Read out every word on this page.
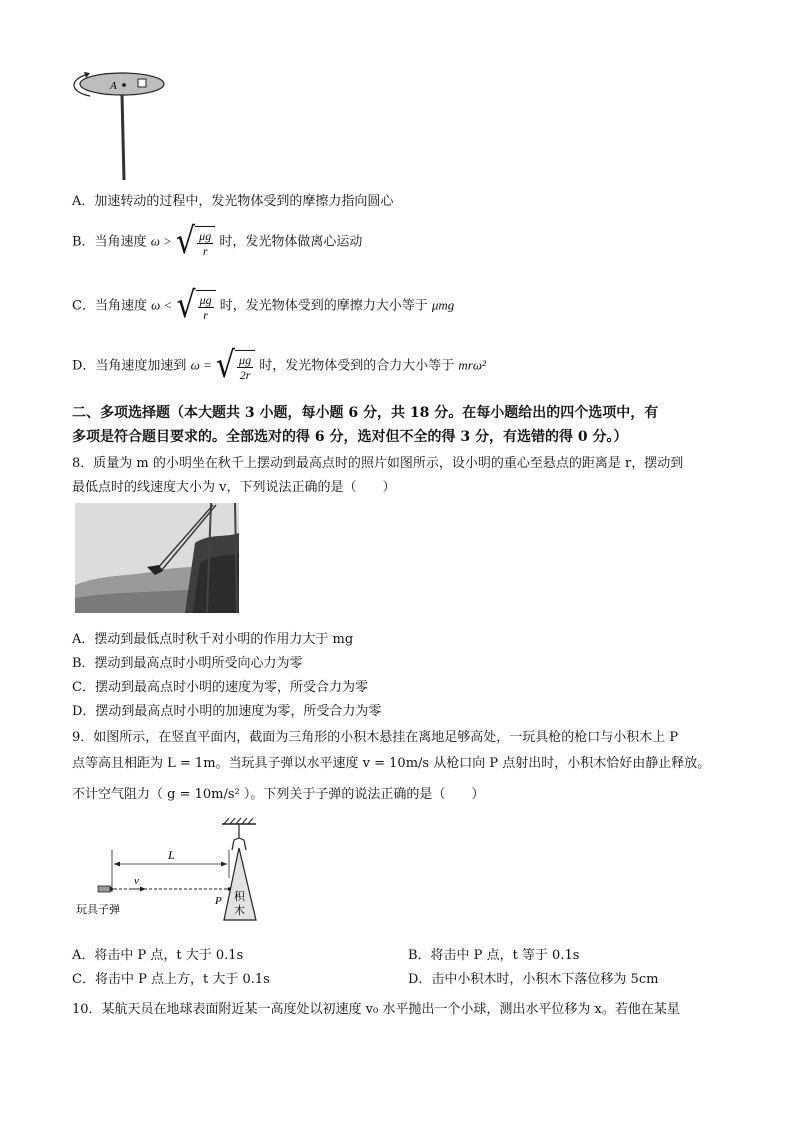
A
A．加速转动的过程中，发光物体受到的摩擦力指向圆心
B．当角速度 ω > √ $\frac{\mu g}{r}$ 时，发光物体做离心运动
C．当角速度 ω < √ $\frac{\mu g}{r}$ 时，发光物体受到的摩擦力大小等于 μmg
D．当角速度加速到 ω = √ $\frac{\mu g}{2r}$ 时，发光物体受到的合力大小等于 mrω²
二、多项选择题（本大题共 3 小题，每小题 6 分，共 18 分。在每小题给出的四个选项中，有
多项是符合题目要求的。全部选对的得 6 分，选对但不全的得 3 分，有选错的得 0 分。）
8．质量为 m 的小明坐在秋千上摆动到最高点时的照片如图所示，设小明的重心至悬点的距离是 r，摆动到
最低点时的线速度大小为 v，下列说法正确的是（　　）
A．摆动到最低点时秋千对小明的作用力大于 mg
B．摆动到最高点时小明所受向心力为零
C．摆动到最高点时小明的速度为零，所受合力为零
D．摆动到最高点时小明的加速度为零，所受合力为零
9．如图所示，在竖直平面内，截面为三角形的小积木悬挂在离地足够高处，一玩具枪的枪口与小积木上 P
点等高且相距为 L = 1m。当玩具子弹以水平速度 v = 10m/s 从枪口向 P 点射出时，小积木恰好由静止释放。
不计空气阻力（ g = 10m/s² ）。下列关于子弹的说法正确的是（　　）
积
木
L
v
P
玩具子弹
A．将击中 P 点，t 大于 0.1s	B．将击中 P 点，t 等于 0.1s
C．将击中 P 点上方，t 大于 0.1s	D．击中小积木时，小积木下落位移为 5cm
10．某航天员在地球表面附近某一高度处以初速度 v₀ 水平抛出一个小球，测出水平位移为 x。若他在某星
